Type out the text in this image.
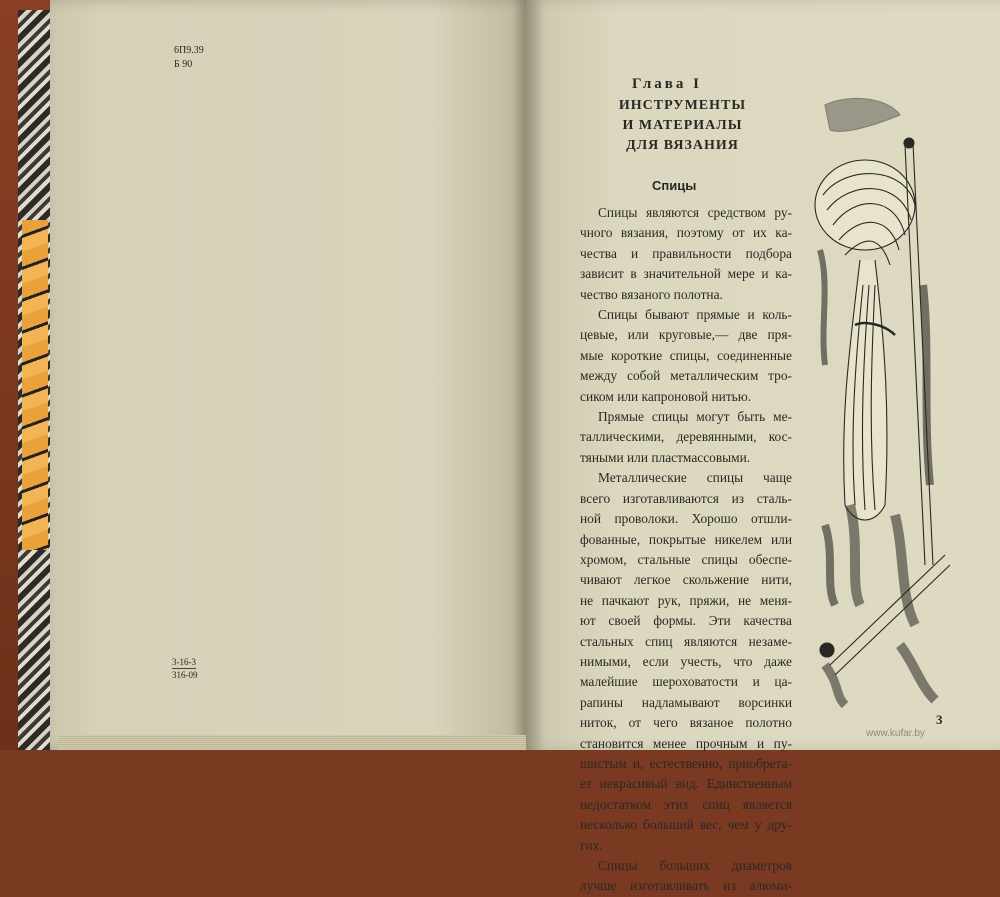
6П9.39
Б 90
3-16-3
316-09
Глава I
ИНСТРУМЕНТЫ
И МАТЕРИАЛЫ
ДЛЯ ВЯЗАНИЯ
Спицы
Спицы являются средством ру-
чного вязания, поэтому от их ка-
чества и правильности подбора
зависит в значительной мере и ка-
чество вязаного полотна.
Спицы бывают прямые и коль-
цевые, или круговые,— две пря-
мые короткие спицы, соединенные
между собой металлическим тро-
сиком или капроновой нитью.
Прямые спицы могут быть ме-
таллическими, деревянными, кос-
тяными или пластмассовыми.
Металлические спицы чаще
всего изготавливаются из сталь-
ной проволоки. Хорошо отшли-
фованные, покрытые никелем или
хромом, стальные спицы обеспе-
чивают легкое скольжение нити,
не пачкают рук, пряжи, не меня-
ют своей формы. Эти качества
стальных спиц являются незаме-
нимыми, если учесть, что даже
малейшие шероховатости и ца-
рапины надламывают ворсинки
ниток, от чего вязаное полотно
становится менее прочным и пу-
шистым и, естественно, приобрета-
ет некрасивый вид. Единственным
недостатком этих спиц является
несколько больший вес, чем у дру-
гих.
Спицы больших диаметров
лучше изготавливать из алюми-
3
www.kufar.by
